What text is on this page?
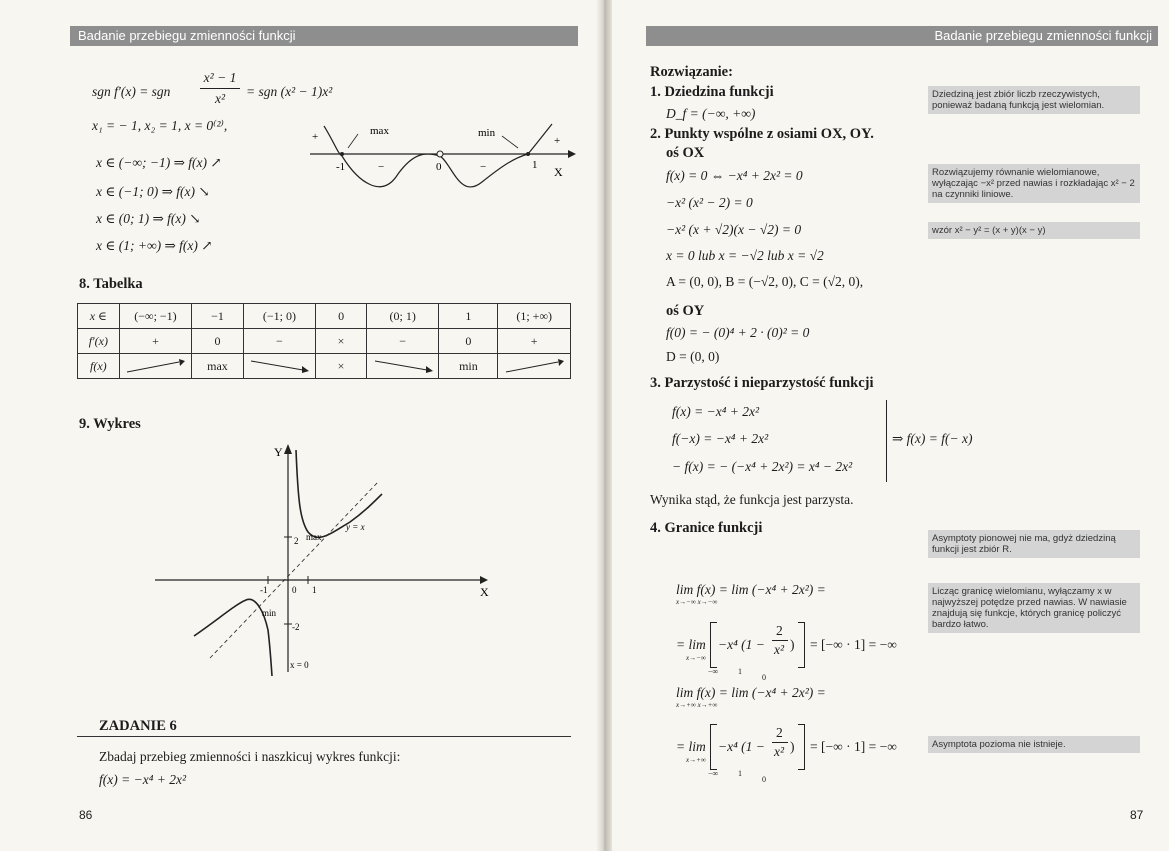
Badanie przebiegu zmienności funkcji	Badanie przebiegu zmienności funkcji
sgn f′(x) = sgn
x² − 1
x²	= sgn (x² − 1)x²
x₁ = − 1, x₂ = 1, x = 0⁽²⁾,
x ∈ (−∞; −1) ⇒ f(x) ↗
x ∈ (−1; 0) ⇒ f(x) ↘
x ∈ (0; 1) ⇒ f(x) ↘
x ∈ (1; +∞) ⇒ f(x) ↗
max	min
+
−	−
+
-1	0	1 X
8. Tabelka
x ∈	(−∞; −1)	−1	(−1; 0)	0	(0; 1)	1	(1; +∞)
f′(x)	+	0	−	×	−	0	+
f(x)		max		×		min	
9. Wykres
Y
X
2 max
y = x
-1	0 1
min
-2
x = 0
ZADANIE 6
Zbadaj przebieg zmienności i naszkicuj wykres funkcji:
f(x) = −x⁴ + 2x²
86
Rozwiązanie:
1. Dziedzina funkcji
D_f = (−∞, +∞)
2. Punkty wspólne z osiami OX, OY.
oś OX
f(x) = 0 ⇔ −x⁴ + 2x² = 0
−x² (x² − 2) = 0
−x² (x + √2)(x − √2) = 0
x = 0 lub x = −√2 lub x = √2
A = (0, 0), B = (−√2, 0), C = (√2, 0),
oś OY
f(0) = − (0)⁴ + 2 · (0)² = 0
D = (0, 0)
3. Parzystość i nieparzystość funkcji
f(x) = −x⁴ + 2x²
f(−x) = −x⁴ + 2x²
− f(x) = − (−x⁴ + 2x²) = x⁴ − 2x²
⇒ f(x) = f(− x)
Wynika stąd, że funkcja jest parzysta.
4. Granice funkcji
lim f(x) = lim (−x⁴ + 2x²) =
x→−∞ x→−∞
= lim
x→−∞
−x⁴ (1 −
2
x² ) = [−∞ · 1] = −∞
−∞ 1
0
lim f(x) = lim (−x⁴ + 2x²) =
x→+∞ x→+∞
= lim
x→+∞
−x⁴ (1 −
2
x² ) = [−∞ · 1] = −∞
−∞ 1
0
Dziedziną jest zbiór liczb rzeczywistych, ponieważ badaną funkcją jest wielomian.
Rozwiązujemy równanie wielomianowe, wyłączając −x² przed nawias i rozkładając x² − 2 na czynniki liniowe.
wzór x² − y² = (x + y)(x − y)
Asymptoty pionowej nie ma, gdyż dziedziną funkcji jest zbiór R.
Licząc granicę wielomianu, wyłączamy x w najwyższej potędze przed nawias. W nawiasie znajdują się funkcje, których granicę policzyć bardzo łatwo.
Asymptota pozioma nie istnieje.
87
